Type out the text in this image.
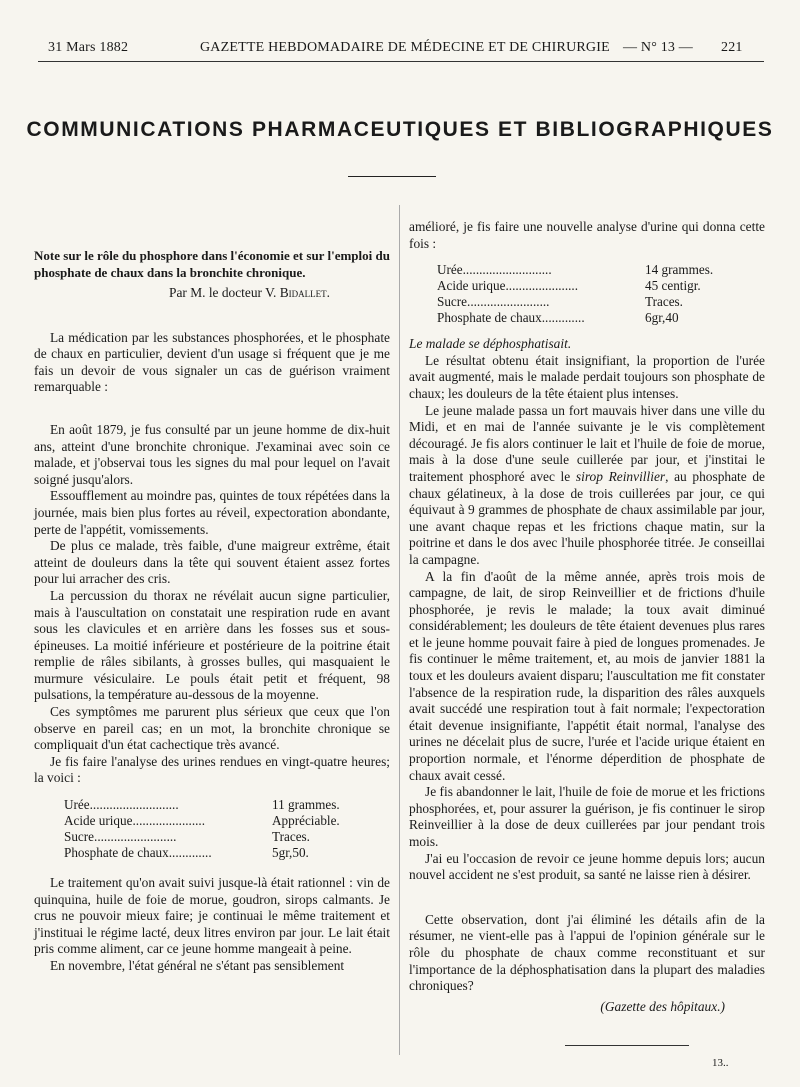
31 Mars 1882	GAZETTE HEBDOMADAIRE DE MÉDECINE ET DE CHIRURGIE — N° 13 — 221
COMMUNICATIONS PHARMACEUTIQUES ET BIBLIOGRAPHIQUES

Note sur le rôle du phosphore dans l'économie et sur l'emploi du phosphate de chaux dans la bronchite chronique.

Par M. le docteur V. Bidallet.

La médication par les substances phosphorées, et le phosphate de chaux en particulier, devient d'un usage si fréquent que je me fais un devoir de vous signaler un cas de guérison vraiment remarquable :

En août 1879, je fus consulté par un jeune homme de dix-huit ans, atteint d'une bronchite chronique. J'examinai avec soin ce malade, et j'observai tous les signes du mal pour lequel on l'avait soigné jusqu'alors.

Essoufflement au moindre pas, quintes de toux répétées dans la journée, mais bien plus fortes au réveil, expectoration abondante, perte de l'appétit, vomissements.

De plus ce malade, très faible, d'une maigreur extrême, était atteint de douleurs dans la tête qui souvent étaient assez fortes pour lui arracher des cris.

La percussion du thorax ne révélait aucun signe particulier, mais à l'auscultation on constatait une respiration rude en avant sous les clavicules et en arrière dans les fosses sus et sous-épineuses. La moitié inférieure et postérieure de la poitrine était remplie de râles sibilants, à grosses bulles, qui masquaient le murmure vésiculaire. Le pouls était petit et fréquent, 98 pulsations, la température au-dessous de la moyenne.

Ces symptômes me parurent plus sérieux que ceux que l'on observe en pareil cas; en un mot, la bronchite chronique se compliquait d'un état cachectique très avancé.

Je fis faire l'analyse des urines rendues en vingt-quatre heures; la voici :

Urée...........................	11 grammes.
Acide urique......................	Appréciable.
Sucre.........................	Traces.
Phosphate de chaux.............	5gr,50.

Le traitement qu'on avait suivi jusque-là était rationnel : vin de quinquina, huile de foie de morue, goudron, sirops calmants. Je crus ne pouvoir mieux faire; je continuai le même traitement et j'instituai le régime lacté, deux litres environ par jour. Le lait était pris comme aliment, car ce jeune homme mangeait à peine.

En novembre, l'état général ne s'étant pas sensiblement

amélioré, je fis faire une nouvelle analyse d'urine qui donna cette fois :

Urée...........................	14 grammes.
Acide urique......................	45 centigr.
Sucre.........................	Traces.
Phosphate de chaux.............	6gr,40

Le malade se déphosphatisait.

Le résultat obtenu était insignifiant, la proportion de l'urée avait augmenté, mais le malade perdait toujours son phosphate de chaux; les douleurs de la tête étaient plus intenses.

Le jeune malade passa un fort mauvais hiver dans une ville du Midi, et en mai de l'année suivante je le vis complètement découragé. Je fis alors continuer le lait et l'huile de foie de morue, mais à la dose d'une seule cuillerée par jour, et j'institai le traitement phosphoré avec le sirop Reinvillier, au phosphate de chaux gélatineux, à la dose de trois cuillerées par jour, ce qui équivaut à 9 grammes de phosphate de chaux assimilable par jour, une avant chaque repas et les frictions chaque matin, sur la poitrine et dans le dos avec l'huile phosphorée titrée. Je conseillai la campagne.

A la fin d'août de la même année, après trois mois de campagne, de lait, de sirop Reinveillier et de frictions d'huile phosphorée, je revis le malade; la toux avait diminué considérablement; les douleurs de tête étaient devenues plus rares et le jeune homme pouvait faire à pied de longues promenades. Je fis continuer le même traitement, et, au mois de janvier 1881 la toux et les douleurs avaient disparu; l'auscultation me fit constater l'absence de la respiration rude, la disparition des râles auxquels avait succédé une respiration tout à fait normale; l'expectoration était devenue insignifiante, l'appétit était normal, l'analyse des urines ne décelait plus de sucre, l'urée et l'acide urique étaient en proportion normale, et l'énorme déperdition de phosphate de chaux avait cessé.

Je fis abandonner le lait, l'huile de foie de morue et les frictions phosphorées, et, pour assurer la guérison, je fis continuer le sirop Reinveillier à la dose de deux cuillerées par jour pendant trois mois.

J'ai eu l'occasion de revoir ce jeune homme depuis lors; aucun nouvel accident ne s'est produit, sa santé ne laisse rien à désirer.

Cette observation, dont j'ai éliminé les détails afin de la résumer, ne vient-elle pas à l'appui de l'opinion générale sur le rôle du phosphate de chaux comme reconstituant et sur l'importance de la déphosphatisation dans la plupart des maladies chroniques?

(Gazette des hôpitaux.)

13..
